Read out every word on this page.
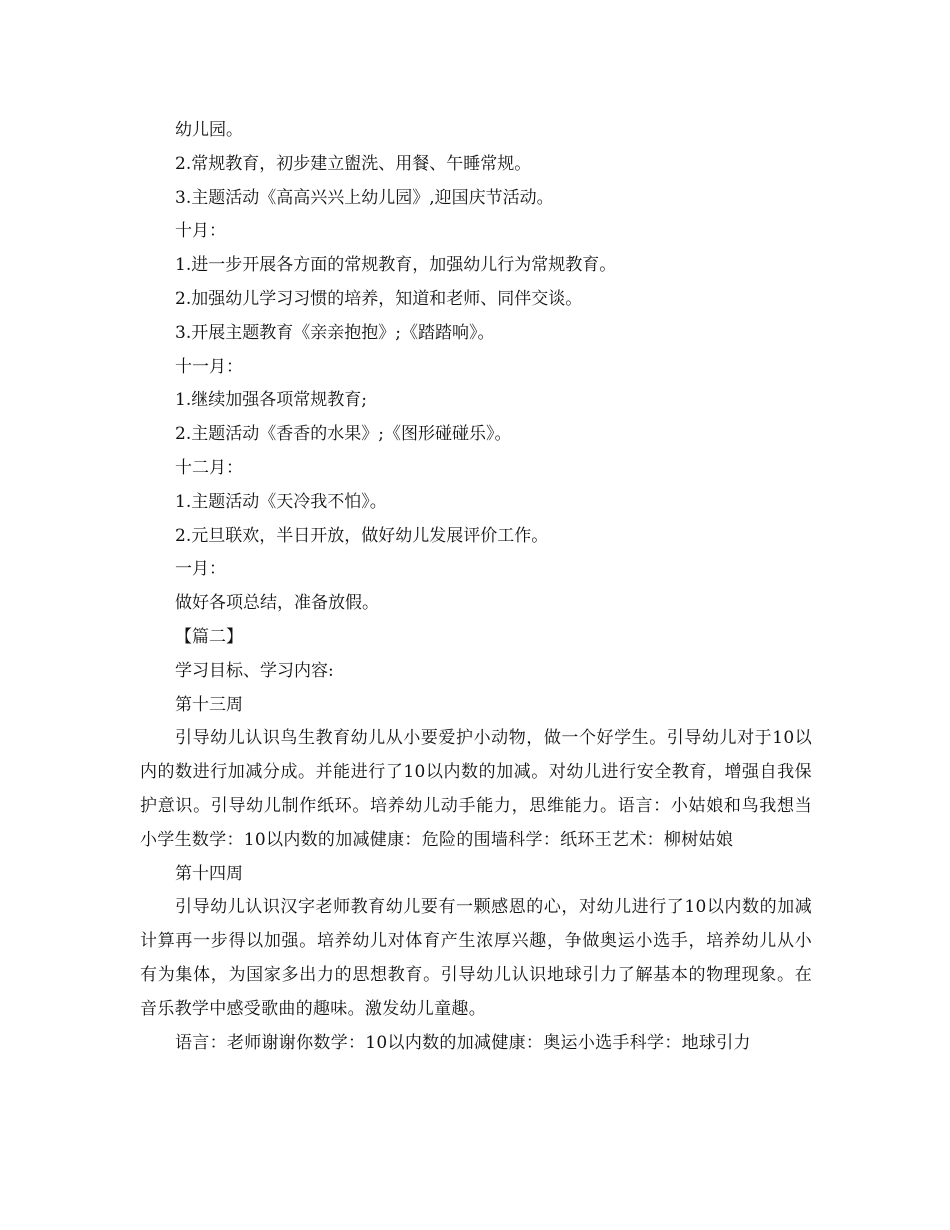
幼儿园。

2.常规教育，初步建立盥洗、用餐、午睡常规。

3.主题活动《高高兴兴上幼儿园》,迎国庆节活动。

十月：

1.进一步开展各方面的常规教育，加强幼儿行为常规教育。

2.加强幼儿学习习惯的培养，知道和老师、同伴交谈。

3.开展主题教育《亲亲抱抱》;《踏踏响》。

十一月：

1.继续加强各项常规教育;

2.主题活动《香香的水果》;《图形碰碰乐》。

十二月：

1.主题活动《天冷我不怕》。

2.元旦联欢，半日开放，做好幼儿发展评价工作。

一月：

做好各项总结，准备放假。

【篇二】

学习目标、学习内容:

第十三周

引导幼儿认识鸟生教育幼儿从小要爱护小动物，做一个好学生。引导幼儿对于10以内的数进行加减分成。并能进行了10以内数的加减。对幼儿进行安全教育，增强自我保护意识。引导幼儿制作纸环。培养幼儿动手能力，思维能力。语言：小姑娘和鸟我想当小学生数学：10以内数的加减健康：危险的围墙科学：纸环王艺术：柳树姑娘

第十四周

引导幼儿认识汉字老师教育幼儿要有一颗感恩的心，对幼儿进行了10以内数的加减计算再一步得以加强。培养幼儿对体育产生浓厚兴趣，争做奥运小选手，培养幼儿从小有为集体，为国家多出力的思想教育。引导幼儿认识地球引力了解基本的物理现象。在音乐教学中感受歌曲的趣味。激发幼儿童趣。

语言：老师谢谢你数学：10以内数的加减健康：奥运小选手科学：地球引力
